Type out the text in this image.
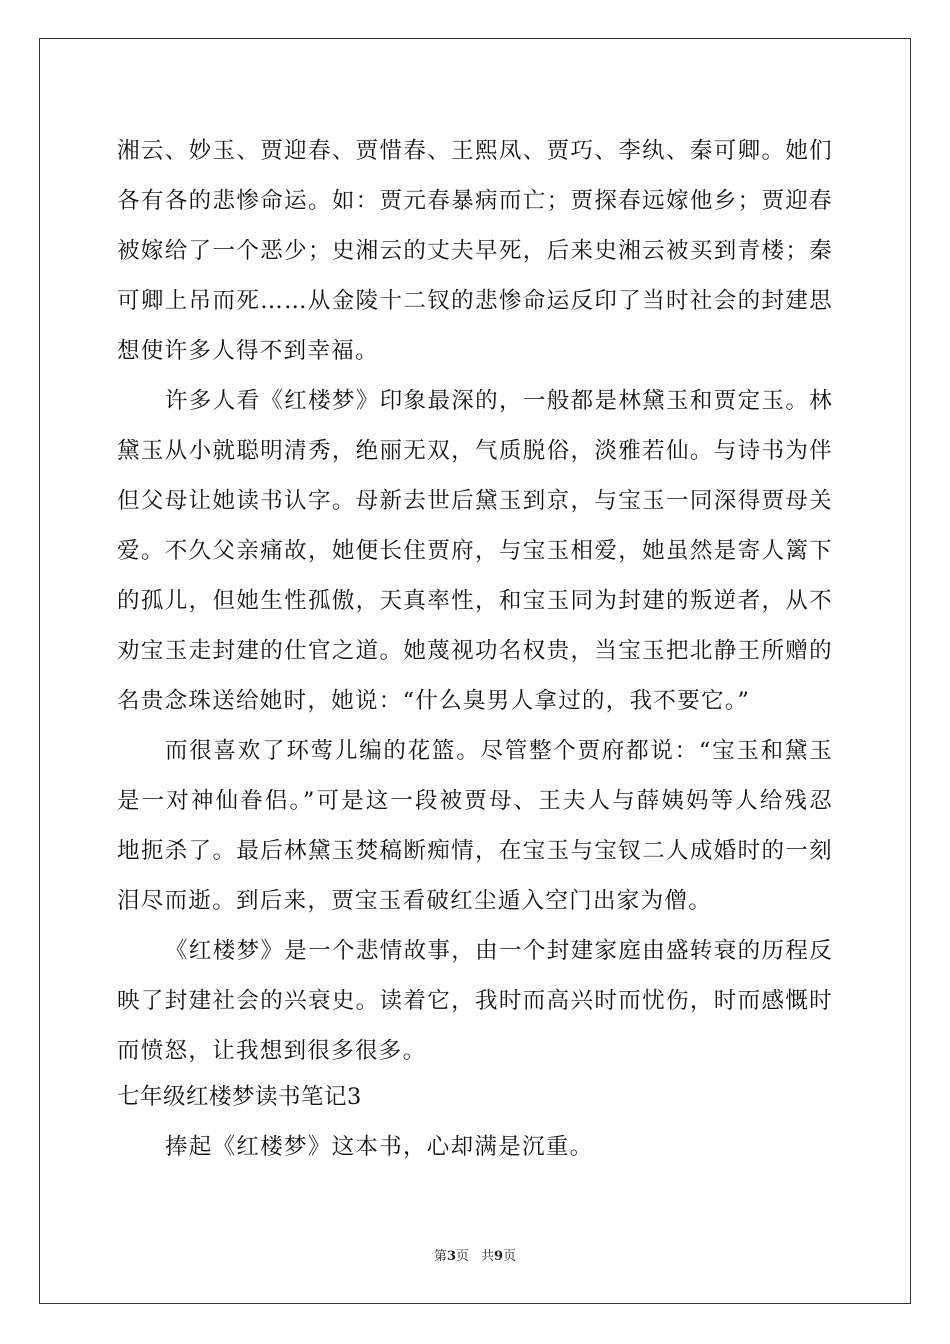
湘云、妙玉、贾迎春、贾惜春、王熙凤、贾巧、李纨、秦可卿。她们
各有各的悲惨命运。如：贾元春暴病而亡；贾探春远嫁他乡；贾迎春
被嫁给了一个恶少；史湘云的丈夫早死，后来史湘云被买到青楼；秦
可卿上吊而死……从金陵十二钗的悲惨命运反印了当时社会的封建思
想使许多人得不到幸福。
许多人看《红楼梦》印象最深的，一般都是林黛玉和贾定玉。林
黛玉从小就聪明清秀，绝丽无双，气质脱俗，淡雅若仙。与诗书为伴
但父母让她读书认字。母新去世后黛玉到京，与宝玉一同深得贾母关
爱。不久父亲痛故，她便长住贾府，与宝玉相爱，她虽然是寄人篱下
的孤儿，但她生性孤傲，天真率性，和宝玉同为封建的叛逆者，从不
劝宝玉走封建的仕官之道。她蔑视功名权贵，当宝玉把北静王所赠的
名贵念珠送给她时，她说：“什么臭男人拿过的，我不要它。”
而很喜欢了环莺儿编的花篮。尽管整个贾府都说：“宝玉和黛玉
是一对神仙眷侣。”可是这一段被贾母、王夫人与薛姨妈等人给残忍
地扼杀了。最后林黛玉焚稿断痴情，在宝玉与宝钗二人成婚时的一刻
泪尽而逝。到后来，贾宝玉看破红尘遁入空门出家为僧。
《红楼梦》是一个悲情故事，由一个封建家庭由盛转衰的历程反
映了封建社会的兴衰史。读着它，我时而高兴时而忧伤，时而感慨时
而愤怒，让我想到很多很多。
七年级红楼梦读书笔记3
捧起《红楼梦》这本书，心却满是沉重。
第3页 共9页
